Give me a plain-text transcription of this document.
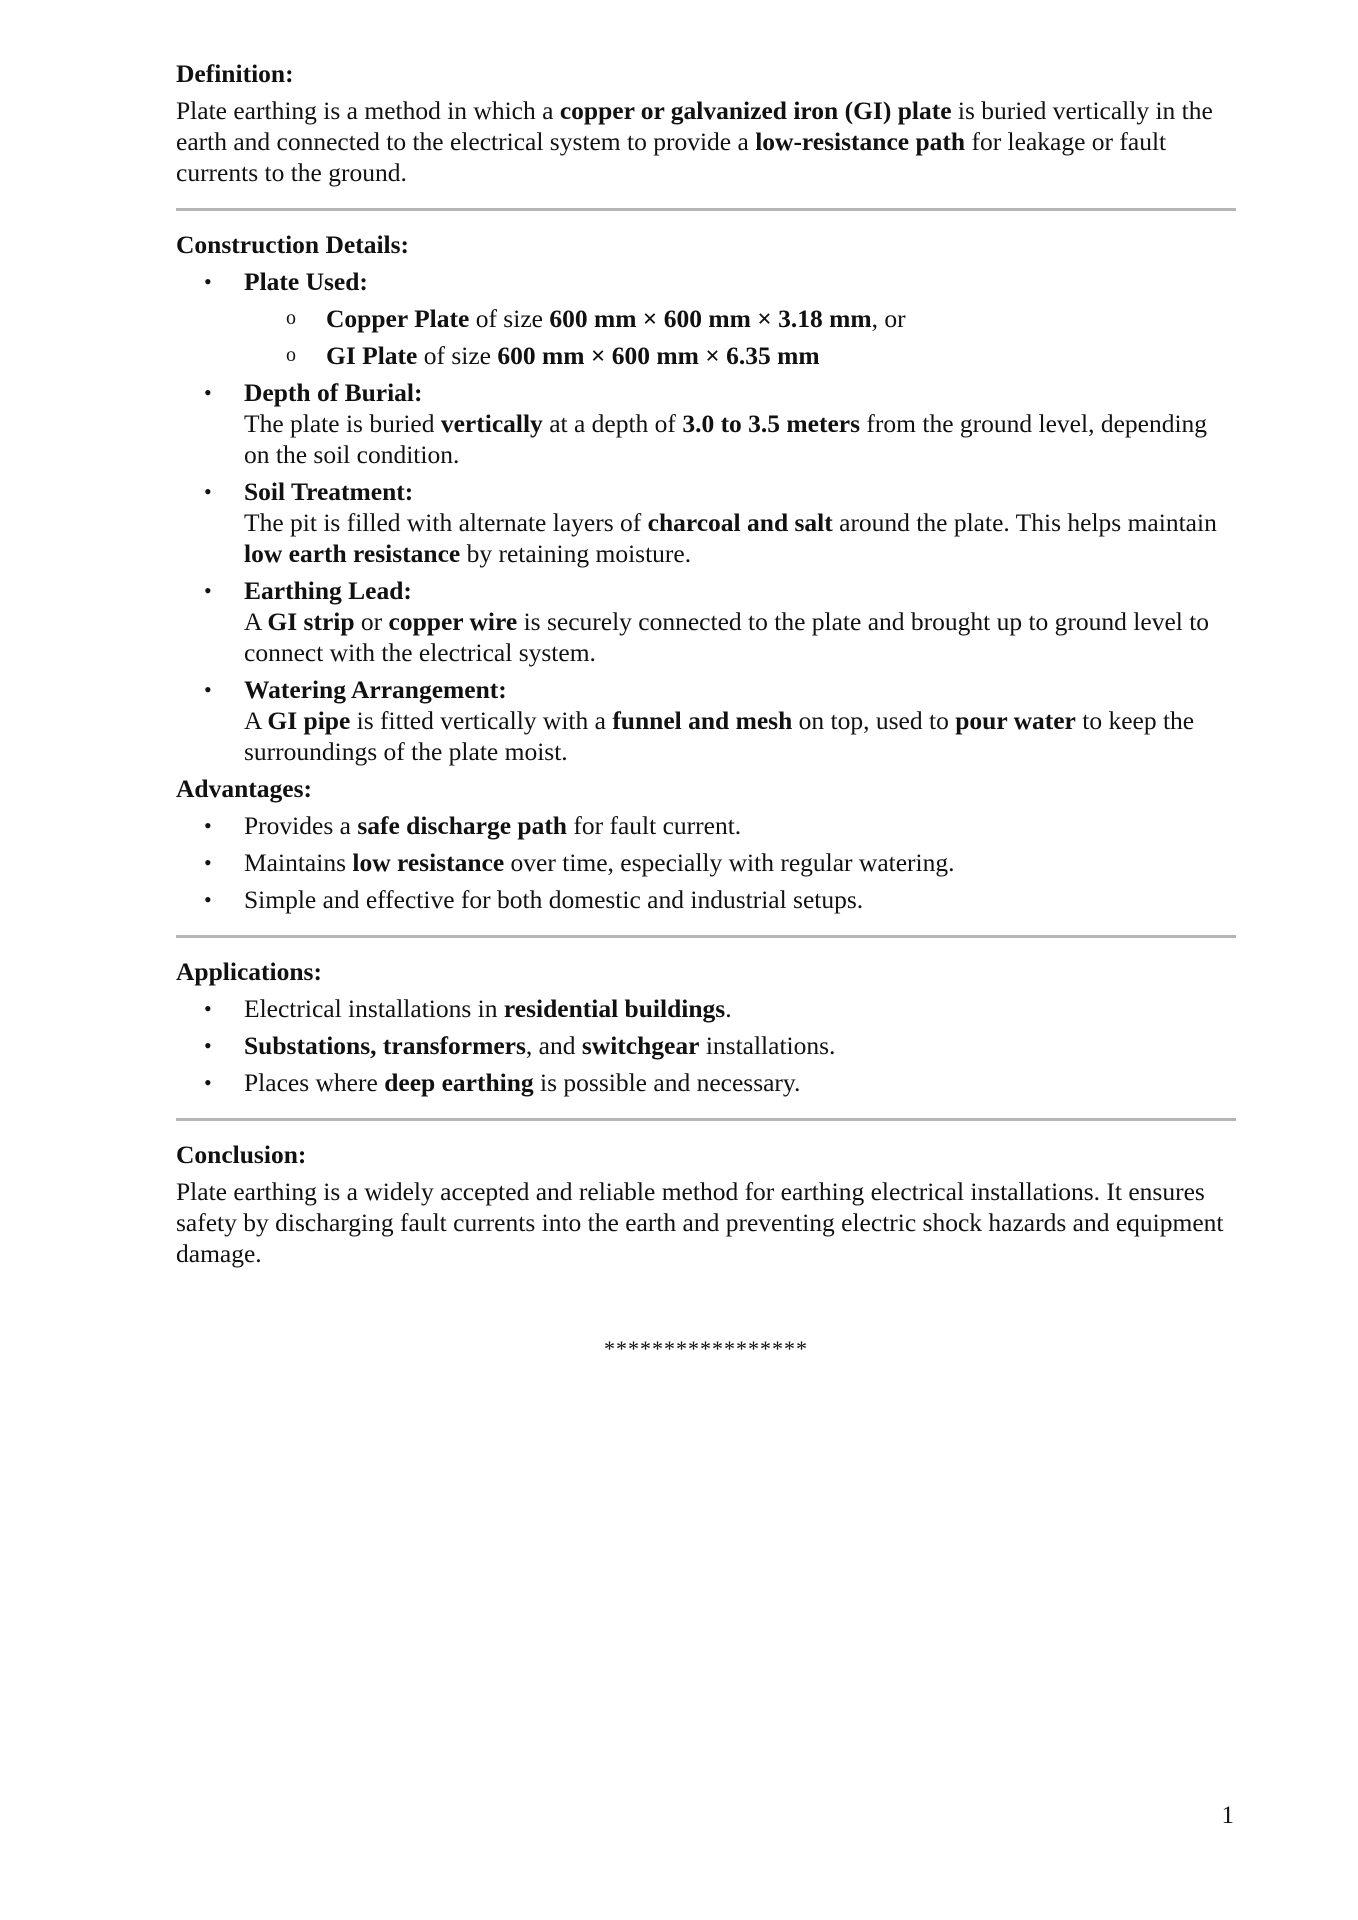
Definition:

Plate earthing is a method in which a copper or galvanized iron (GI) plate is buried vertically in the earth and connected to the electrical system to provide a low-resistance path for leakage or fault currents to the ground.

Construction Details:

• Plate Used:
o Copper Plate of size 600 mm × 600 mm × 3.18 mm, or
o GI Plate of size 600 mm × 600 mm × 6.35 mm
• Depth of Burial:
The plate is buried vertically at a depth of 3.0 to 3.5 meters from the ground level, depending on the soil condition.
• Soil Treatment:
The pit is filled with alternate layers of charcoal and salt around the plate. This helps maintain low earth resistance by retaining moisture.
• Earthing Lead:
A GI strip or copper wire is securely connected to the plate and brought up to ground level to connect with the electrical system.
• Watering Arrangement:
A GI pipe is fitted vertically with a funnel and mesh on top, used to pour water to keep the surroundings of the plate moist.

Advantages:

• Provides a safe discharge path for fault current.
• Maintains low resistance over time, especially with regular watering.
• Simple and effective for both domestic and industrial setups.

Applications:

• Electrical installations in residential buildings.
• Substations, transformers, and switchgear installations.
• Places where deep earthing is possible and necessary.

Conclusion:

Plate earthing is a widely accepted and reliable method for earthing electrical installations. It ensures safety by discharging fault currents into the earth and preventing electric shock hazards and equipment damage.

*****************

1
